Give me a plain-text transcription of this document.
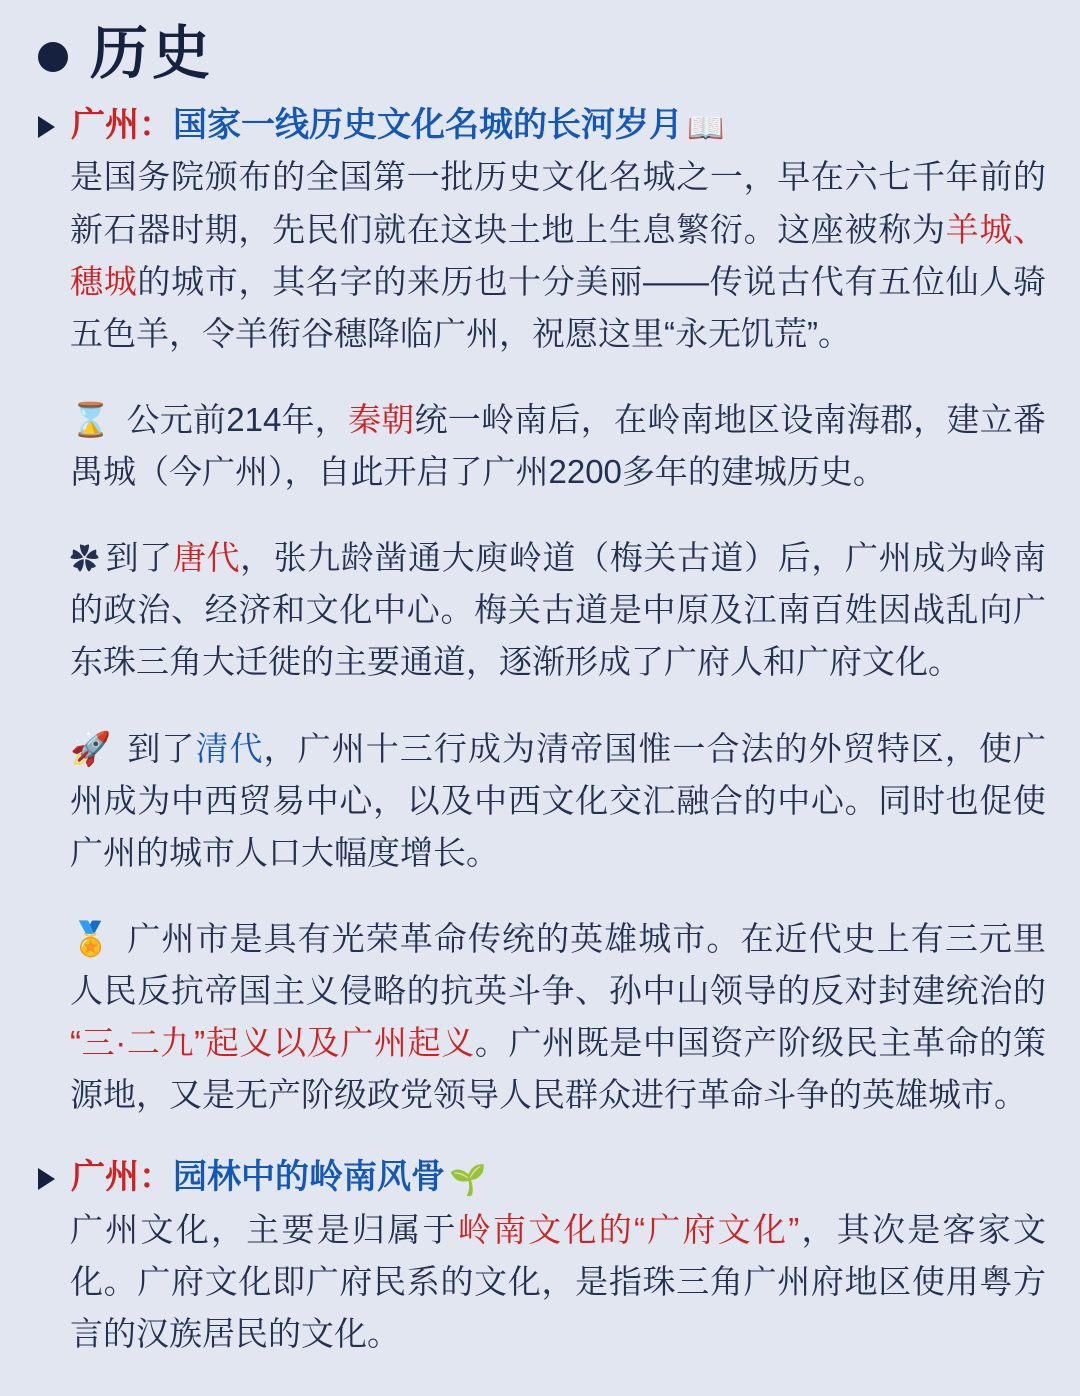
历史
广州：国家一线历史文化名城的长河岁月 📖

是国务院颁布的全国第一批历史文化名城之一，早在六七千年前的新石器时期，先民们就在这块土地上生息繁衍。这座被称为羊城、穗城的城市，其名字的来历也十分美丽——传说古代有五位仙人骑五色羊，令羊衔谷穗降临广州，祝愿这里“永无饥荒”。

⌛ 公元前214年，秦朝统一岭南后，在岭南地区设南海郡，建立番禺城（今广州），自此开启了广州2200多年的建城历史。

✿ 到了唐代，张九龄凿通大庾岭道（梅关古道）后，广州成为岭南的政治、经济和文化中心。梅关古道是中原及江南百姓因战乱向广东珠三角大迁徙的主要通道，逐渐形成了广府人和广府文化。

🚀 到了清代，广州十三行成为清帝国惟一合法的外贸特区，使广州成为中西贸易中心，以及中西文化交汇融合的中心。同时也促使广州的城市人口大幅度增长。

🏅 广州市是具有光荣革命传统的英雄城市。在近代史上有三元里人民反抗帝国主义侵略的抗英斗争、孙中山领导的反对封建统治的“三·二九”起义以及广州起义。广州既是中国资产阶级民主革命的策源地，又是无产阶级政党领导人民群众进行革命斗争的英雄城市。

广州：园林中的岭南风骨 🌱

广州文化，主要是归属于岭南文化的“广府文化”，其次是客家文化。广府文化即广府民系的文化，是指珠三角广州府地区使用粤方言的汉族居民的文化。
